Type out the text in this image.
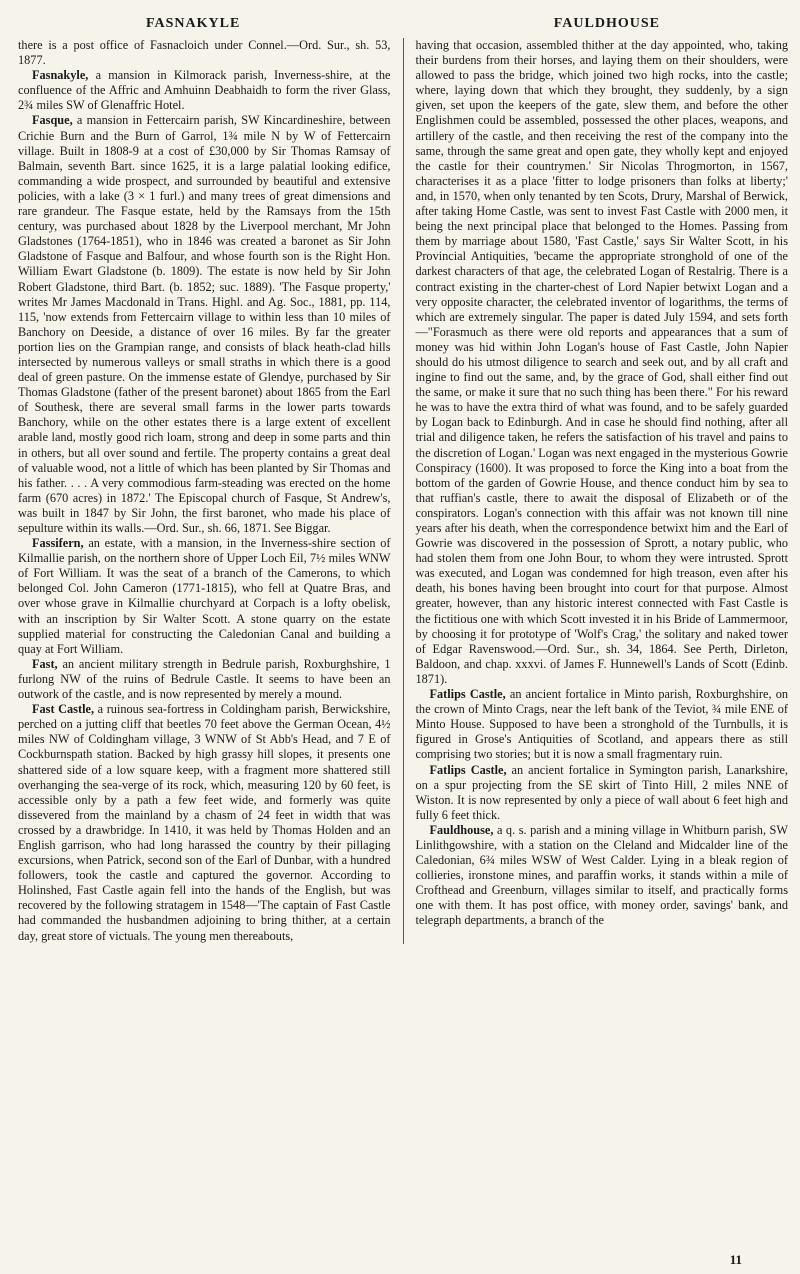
FASNAKYLE	FAULDHOUSE

there is a post office of Fasnacloich under Connel.—Ord. Sur., sh. 53, 1877.

Fasnakyle, a mansion in Kilmorack parish, Inverness-shire, at the confluence of the Affric and Amhuinn Deabhaidh to form the river Glass, 2¾ miles SW of Glenaffric Hotel.

Fasque, a mansion in Fettercairn parish, SW Kincardineshire, between Crichie Burn and the Burn of Garrol, 1¾ mile N by W of Fettercairn village. Built in 1808-9 at a cost of £30,000 by Sir Thomas Ramsay of Balmain, seventh Bart. since 1625, it is a large palatial looking edifice, commanding a wide prospect, and surrounded by beautiful and extensive policies, with a lake (3 × 1 furl.) and many trees of great dimensions and rare grandeur. The Fasque estate, held by the Ramsays from the 15th century, was purchased about 1828 by the Liverpool merchant, Mr John Gladstones (1764-1851), who in 1846 was created a baronet as Sir John Gladstone of Fasque and Balfour, and whose fourth son is the Right Hon. William Ewart Gladstone (b. 1809). The estate is now held by Sir John Robert Gladstone, third Bart. (b. 1852; suc. 1889). 'The Fasque property,' writes Mr James Macdonald in Trans. Highl. and Ag. Soc., 1881, pp. 114, 115, 'now extends from Fettercairn village to within less than 10 miles of Banchory on Deeside, a distance of over 16 miles. By far the greater portion lies on the Grampian range, and consists of black heath-clad hills intersected by numerous valleys or small straths in which there is a good deal of green pasture. On the immense estate of Glendye, purchased by Sir Thomas Gladstone (father of the present baronet) about 1865 from the Earl of Southesk, there are several small farms in the lower parts towards Banchory, while on the other estates there is a large extent of excellent arable land, mostly good rich loam, strong and deep in some parts and thin in others, but all over sound and fertile. The property contains a great deal of valuable wood, not a little of which has been planted by Sir Thomas and his father. . . . A very commodious farm-steading was erected on the home farm (670 acres) in 1872.' The Episcopal church of Fasque, St Andrew's, was built in 1847 by Sir John, the first baronet, who made his place of sepulture within its walls.—Ord. Sur., sh. 66, 1871. See Biggar.

Fassifern, an estate, with a mansion, in the Inverness-shire section of Kilmallie parish, on the northern shore of Upper Loch Eil, 7½ miles WNW of Fort William. It was the seat of a branch of the Camerons, to which belonged Col. John Cameron (1771-1815), who fell at Quatre Bras, and over whose grave in Kilmallie churchyard at Corpach is a lofty obelisk, with an inscription by Sir Walter Scott. A stone quarry on the estate supplied material for constructing the Caledonian Canal and building a quay at Fort William.

Fast, an ancient military strength in Bedrule parish, Roxburghshire, 1 furlong NW of the ruins of Bedrule Castle. It seems to have been an outwork of the castle, and is now represented by merely a mound.

Fast Castle, a ruinous sea-fortress in Coldingham parish, Berwickshire, perched on a jutting cliff that beetles 70 feet above the German Ocean, 4½ miles NW of Coldingham village, 3 WNW of St Abb's Head, and 7 E of Cockburnspath station. Backed by high grassy hill slopes, it presents one shattered side of a low square keep, with a fragment more shattered still overhanging the sea-verge of its rock, which, measuring 120 by 60 feet, is accessible only by a path a few feet wide, and formerly was quite dissevered from the mainland by a chasm of 24 feet in width that was crossed by a drawbridge. In 1410, it was held by Thomas Holden and an English garrison, who had long harassed the country by their pillaging excursions, when Patrick, second son of the Earl of Dunbar, with a hundred followers, took the castle and captured the governor. According to Holinshed, Fast Castle again fell into the hands of the English, but was recovered by the following stratagem in 1548—'The captain of Fast Castle had commanded the husbandmen adjoining to bring thither, at a certain day, great store of victuals. The young men thereabouts,

having that occasion, assembled thither at the day appointed, who, taking their burdens from their horses, and laying them on their shoulders, were allowed to pass the bridge, which joined two high rocks, into the castle; where, laying down that which they brought, they suddenly, by a sign given, set upon the keepers of the gate, slew them, and before the other Englishmen could be assembled, possessed the other places, weapons, and artillery of the castle, and then receiving the rest of the company into the same, through the same great and open gate, they wholly kept and enjoyed the castle for their countrymen.' Sir Nicolas Throgmorton, in 1567, characterises it as a place 'fitter to lodge prisoners than folks at liberty;' and, in 1570, when only tenanted by ten Scots, Drury, Marshal of Berwick, after taking Home Castle, was sent to invest Fast Castle with 2000 men, it being the next principal place that belonged to the Homes. Passing from them by marriage about 1580, 'Fast Castle,' says Sir Walter Scott, in his Provincial Antiquities, 'became the appropriate stronghold of one of the darkest characters of that age, the celebrated Logan of Restalrig. There is a contract existing in the charter-chest of Lord Napier betwixt Logan and a very opposite character, the celebrated inventor of logarithms, the terms of which are extremely singular. The paper is dated July 1594, and sets forth—"Forasmuch as there were old reports and appearances that a sum of money was hid within John Logan's house of Fast Castle, John Napier should do his utmost diligence to search and seek out, and by all craft and ingine to find out the same, and, by the grace of God, shall either find out the same, or make it sure that no such thing has been there." For his reward he was to have the extra third of what was found, and to be safely guarded by Logan back to Edinburgh. And in case he should find nothing, after all trial and diligence taken, he refers the satisfaction of his travel and pains to the discretion of Logan.' Logan was next engaged in the mysterious Gowrie Conspiracy (1600). It was proposed to force the King into a boat from the bottom of the garden of Gowrie House, and thence conduct him by sea to that ruffian's castle, there to await the disposal of Elizabeth or of the conspirators. Logan's connection with this affair was not known till nine years after his death, when the correspondence betwixt him and the Earl of Gowrie was discovered in the possession of Sprott, a notary public, who had stolen them from one John Bour, to whom they were intrusted. Sprott was executed, and Logan was condemned for high treason, even after his death, his bones having been brought into court for that purpose. Almost greater, however, than any historic interest connected with Fast Castle is the fictitious one with which Scott invested it in his Bride of Lammermoor, by choosing it for prototype of 'Wolf's Crag,' the solitary and naked tower of Edgar Ravenswood.—Ord. Sur., sh. 34, 1864. See Perth, Dirleton, Baldoon, and chap. xxxvi. of James F. Hunnewell's Lands of Scott (Edinb. 1871).

Fatlips Castle, an ancient fortalice in Minto parish, Roxburghshire, on the crown of Minto Crags, near the left bank of the Teviot, ¾ mile ENE of Minto House. Supposed to have been a stronghold of the Turnbulls, it is figured in Grose's Antiquities of Scotland, and appears there as still comprising two stories; but it is now a small fragmentary ruin.

Fatlips Castle, an ancient fortalice in Symington parish, Lanarkshire, on a spur projecting from the SE skirt of Tinto Hill, 2 miles NNE of Wiston. It is now represented by only a piece of wall about 6 feet high and fully 6 feet thick.

Fauldhouse, a q. s. parish and a mining village in Whitburn parish, SW Linlithgowshire, with a station on the Cleland and Midcalder line of the Caledonian, 6¾ miles WSW of West Calder. Lying in a bleak region of collieries, ironstone mines, and paraffin works, it stands within a mile of Crofthead and Greenburn, villages similar to itself, and practically forms one with them. It has post office, with money order, savings' bank, and telegraph departments, a branch of the

11
